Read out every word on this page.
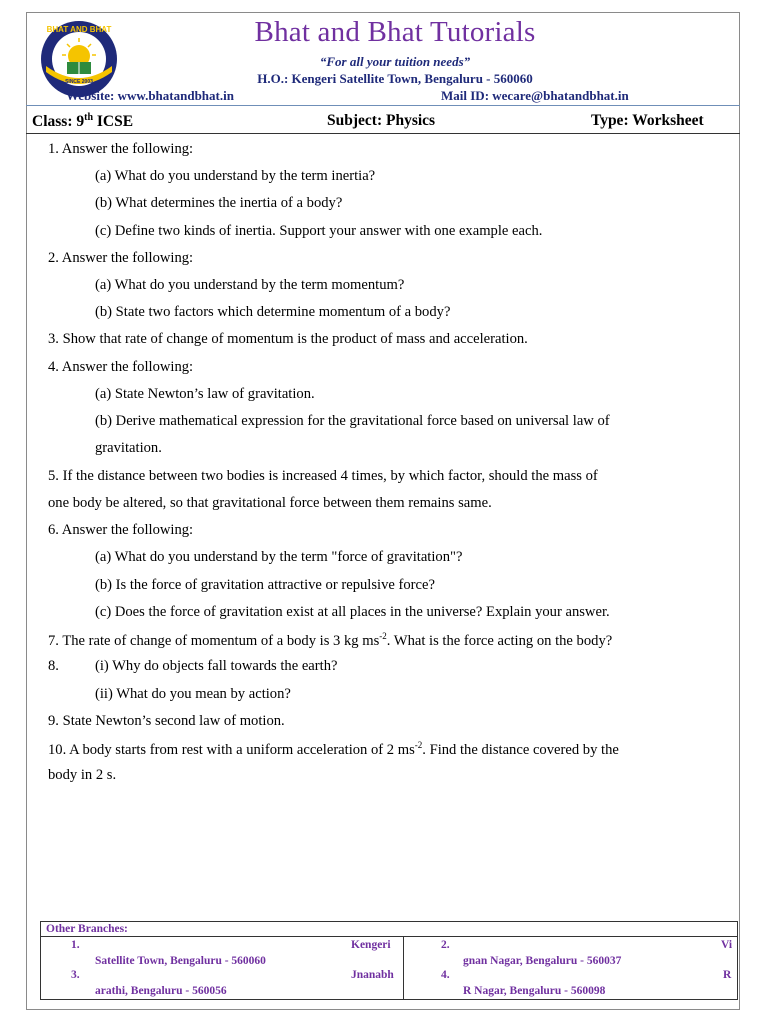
BHAT AND BHAT
SINCE 2003
Bhat and Bhat Tutorials
“For all your tuition needs”
H.O.: Kengeri Satellite Town, Bengaluru - 560060
Website: www.bhatandbhat.in	Mail ID: wecare@bhatandbhat.in
Class: 9th ICSE	Subject: Physics	Type: Worksheet
1. Answer the following:
(a) What do you understand by the term inertia?
(b) What determines the inertia of a body?
(c) Define two kinds of inertia. Support your answer with one example each.
2. Answer the following:
(a) What do you understand by the term momentum?
(b) State two factors which determine momentum of a body?
3. Show that rate of change of momentum is the product of mass and acceleration.
4. Answer the following:
(a) State Newton’s law of gravitation.
(b) Derive mathematical expression for the gravitational force based on universal law of
gravitation.
5. If the distance between two bodies is increased 4 times, by which factor, should the mass of
one body be altered, so that gravitational force between them remains same.
6. Answer the following:
(a) What do you understand by the term "force of gravitation"?
(b) Is the force of gravitation attractive or repulsive force?
(c) Does the force of gravitation exist at all places in the universe? Explain your answer.
7. The rate of change of momentum of a body is 3 kg $ms^{-2}$. What is the force acting on the body?
8. (i) Why do objects fall towards the earth?
(ii) What do you mean by action?
9. State Newton’s second law of motion.
10. A body starts from rest with a uniform acceleration of 2 $ms^{-2}$. Find the distance covered by the
body in 2 s.
Other Branches:
1.	Kengeri
Satellite Town, Bengaluru - 560060
3.	Jnanabh
arathi, Bengaluru - 560056
2.	Vi
gnan Nagar, Bengaluru - 560037
4.	R
R Nagar, Bengaluru - 560098
